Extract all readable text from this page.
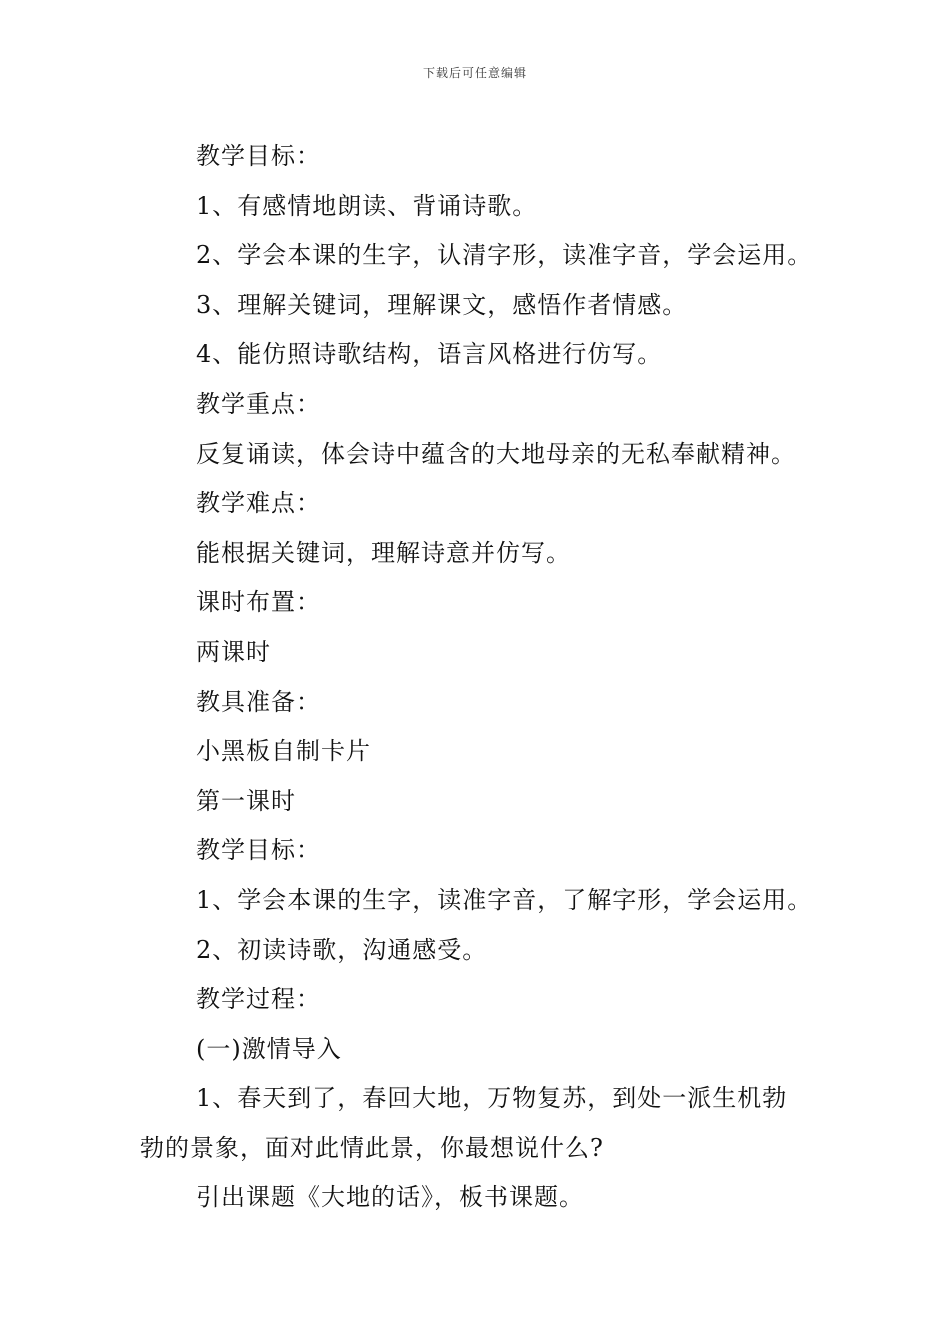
下载后可任意编辑
教学目标：
1、有感情地朗读、背诵诗歌。
2、学会本课的生字，认清字形，读准字音，学会运用。
3、理解关键词，理解课文，感悟作者情感。
4、能仿照诗歌结构，语言风格进行仿写。
教学重点：
反复诵读，体会诗中蕴含的大地母亲的无私奉献精神。
教学难点：
能根据关键词，理解诗意并仿写。
课时布置：
两课时
教具准备：
小黑板自制卡片
第一课时
教学目标：
1、学会本课的生字，读准字音，了解字形，学会运用。
2、初读诗歌，沟通感受。
教学过程：
(一)激情导入
1、春天到了，春回大地，万物复苏，到处一派生机勃
勃的景象，面对此情此景，你最想说什么?
引出课题《大地的话》，板书课题。
